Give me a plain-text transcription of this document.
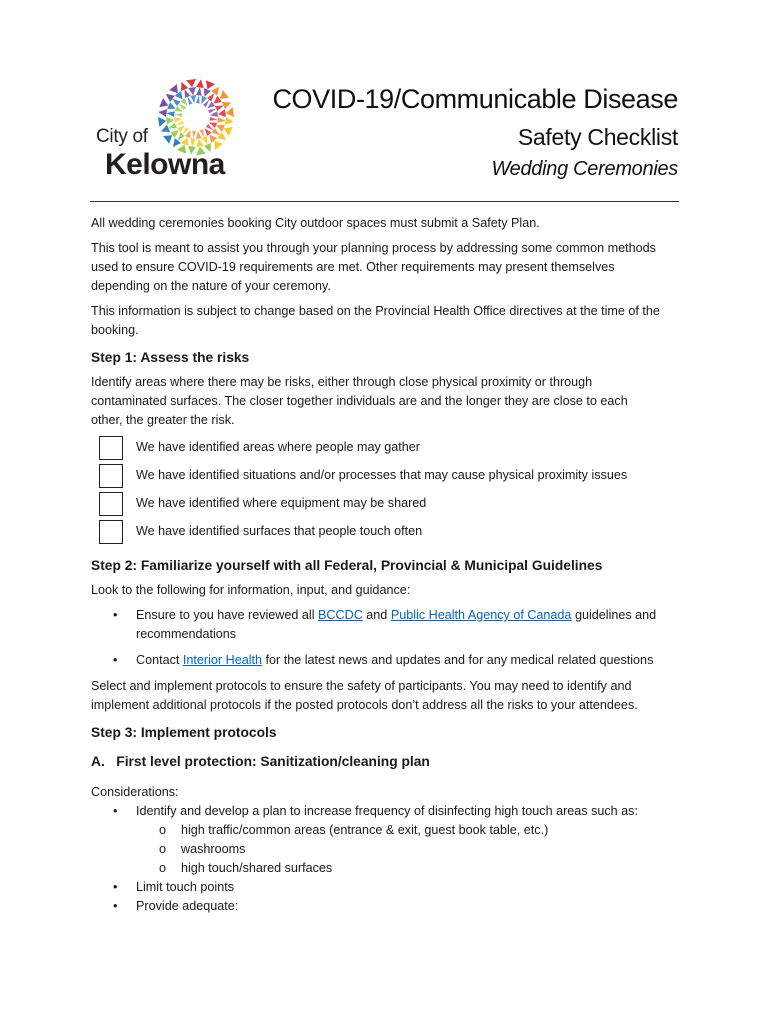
City of
Kelowna
COVID-19/Communicable Disease
Safety Checklist
Wedding Ceremonies

All wedding ceremonies booking City outdoor spaces must submit a Safety Plan.

This tool is meant to assist you through your planning process by addressing some common methods
used to ensure COVID-19 requirements are met. Other requirements may present themselves
depending on the nature of your ceremony.

This information is subject to change based on the Provincial Health Office directives at the time of the
booking.

Step 1: Assess the risks

Identify areas where there may be risks, either through close physical proximity or through
contaminated surfaces. The closer together individuals are and the longer they are close to each
other, the greater the risk.

We have identified areas where people may gather
We have identified situations and/or processes that may cause physical proximity issues
We have identified where equipment may be shared
We have identified surfaces that people touch often
Step 2: Familiarize yourself with all Federal, Provincial & Municipal Guidelines

Look to the following for information, input, and guidance:

• Ensure to you have reviewed all BCCDC and Public Health Agency of Canada guidelines and
recommendations
• Contact Interior Health for the latest news and updates and for any medical related questions

Select and implement protocols to ensure the safety of participants. You may need to identify and
implement additional protocols if the posted protocols don’t address all the risks to your attendees.

Step 3: Implement protocols
A.   First level protection: Sanitization/cleaning plan

Considerations:

• Identify and develop a plan to increase frequency of disinfecting high touch areas such as:
o high traffic/common areas (entrance & exit, guest book table, etc.)
o washrooms
o high touch/shared surfaces
• Limit touch points
• Provide adequate:
